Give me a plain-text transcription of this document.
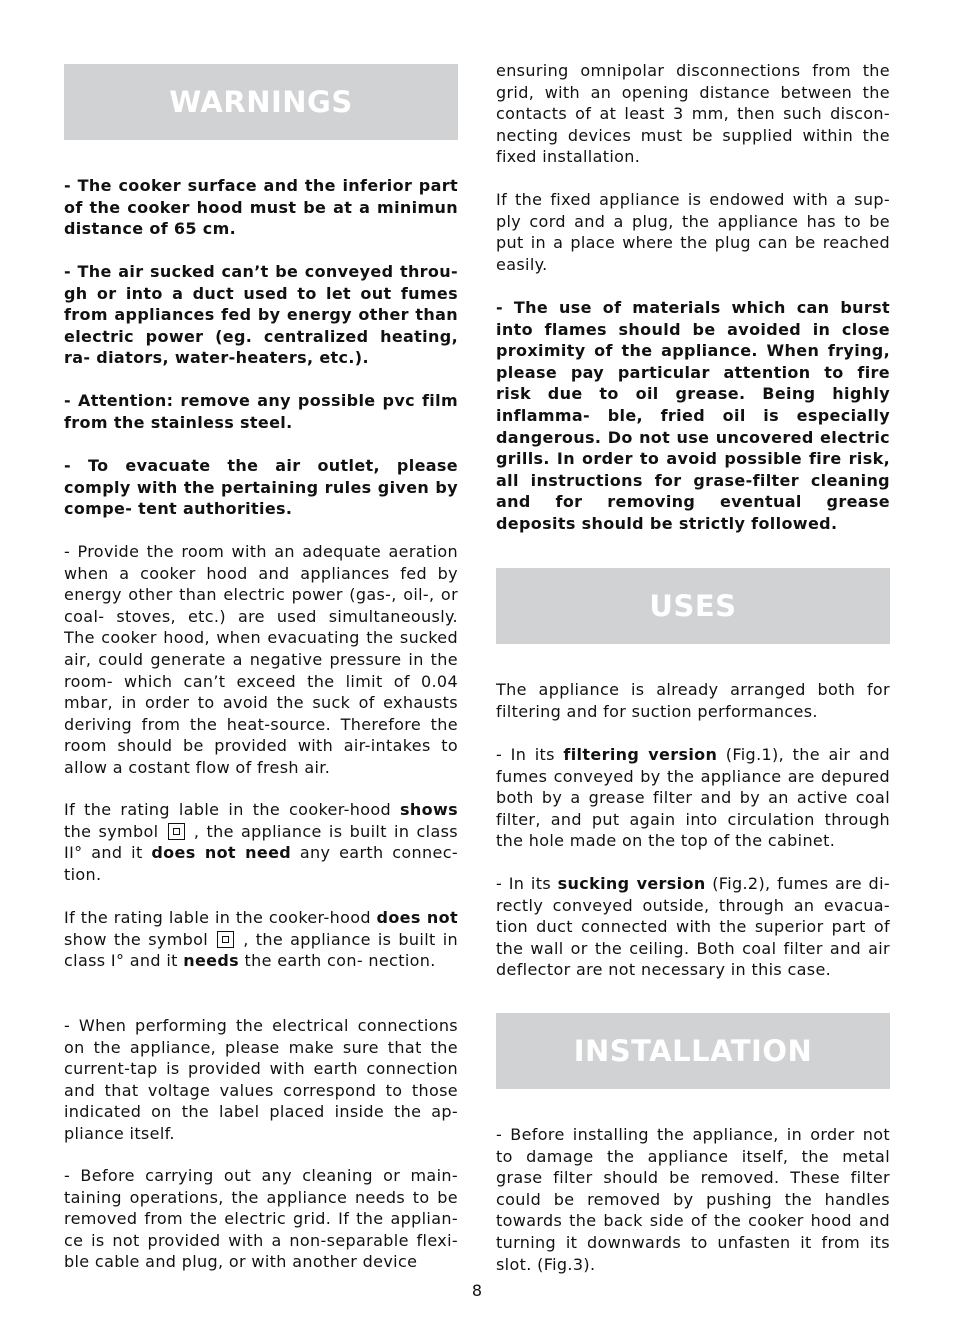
WARNINGS

- The cooker surface and the inferior part of the cooker hood must be at a minimun distance of 65 cm.

- The air sucked can’t be conveyed throu- gh or into a duct used to let out fumes from appliances fed by energy other than electric power (eg. centralized heating, ra- diators, water-heaters, etc.).

- Attention: remove any possible pvc film from the stainless steel.

- To evacuate the air outlet, please comply with the pertaining rules given by compe- tent authorities.

- Provide the room with an adequate aeration when a cooker hood and appliances fed by energy other than electric power (gas-, oil-, or coal- stoves, etc.) are used simultaneously. The cooker hood, when evacuating the sucked air, could generate a negative pressure in the room- which can’t exceed the limit of 0.04 mbar, in order to avoid the suck of exhausts deriving from the heat-source. Therefore the room should be provided with air-intakes to allow a costant flow of fresh air.

If the rating lable in the cooker-hood shows the symbol  , the appliance is built in class II° and it does not need any earth connec- tion.

If the rating lable in the cooker-hood does not show the symbol  , the appliance is built in class I° and it needs the earth con- nection.

- When performing the electrical connections on the appliance, please make sure that the current-tap is provided with earth connection and that voltage values correspond to those indicated on the label placed inside the ap- pliance itself.

- Before carrying out any cleaning or main- taining operations, the appliance needs to be removed from the electric grid. If the applian- ce is not provided with a non-separable flexi- ble cable and plug, or with another device

ensuring omnipolar disconnections from the grid, with an opening distance between the contacts of at least 3 mm, then such discon- necting devices must be supplied within the fixed installation.

If the fixed appliance is endowed with a sup- ply cord and a plug, the appliance has to be put in a place where the plug can be reached easily.

- The use of materials which can burst into flames should be avoided in close proximity of the appliance. When frying, please pay particular attention to fire risk due to oil grease. Being highly inflamma- ble, fried oil is especially dangerous. Do not use uncovered electric grills. In order to avoid possible fire risk, all instructions for grase-filter cleaning and for removing eventual grease deposits should be strictly followed.

USES

The appliance is already arranged both for filtering and for suction performances.

- In its filtering version (Fig.1), the air and fumes conveyed by the appliance are depured both by a grease filter and by an active coal filter, and put again into circulation through the hole made on the top of the cabinet.

- In its sucking version (Fig.2), fumes are di- rectly conveyed outside, through an evacua- tion duct connected with the superior part of the wall or the ceiling. Both coal filter and air deflector are not necessary in this case.

INSTALLATION

- Before installing the appliance, in order not to damage the appliance itself, the metal grase filter should be removed. These filter could be removed by pushing the handles towards the back side of the cooker hood and turning it downwards to unfasten it from its slot. (Fig.3).

8
